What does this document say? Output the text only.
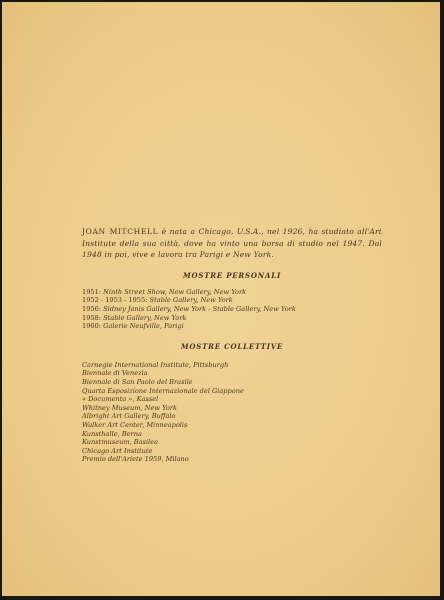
JOAN MITCHELL è nata a Chicago, U.S.A., nel 1926, ha studiato all'Art Institute della sua città, dove ha vinto una borsa di studio nel 1947. Dal 1948 in poi, vive e lavora tra Parigi e New York.

MOSTRE PERSONALI
1951: Ninth Street Show, New Gallery, New York
1952 - 1953 - 1955: Stable Gallery, New York
1956: Sidney Janis Gallery, New York - Stable Gallery, New York
1958: Stable Gallery, New York
1960: Galerie Neufville, Parigi
MOSTRE COLLETTIVE
Carnegie International Institute, Pittsburgh
Biennale di Venezia
Biennale di San Paolo del Brasile
Quarta Esposizione Internazionale del Giappone
« Documenta », Kassel
Whitney Museum, New York
Albright Art Gallery, Buffalo
Walker Art Center, Minneapolis
Kunsthalle, Berna
Kunstmuseum, Basilea
Chicago Art Institute
Premio dell'Ariete 1959, Milano
